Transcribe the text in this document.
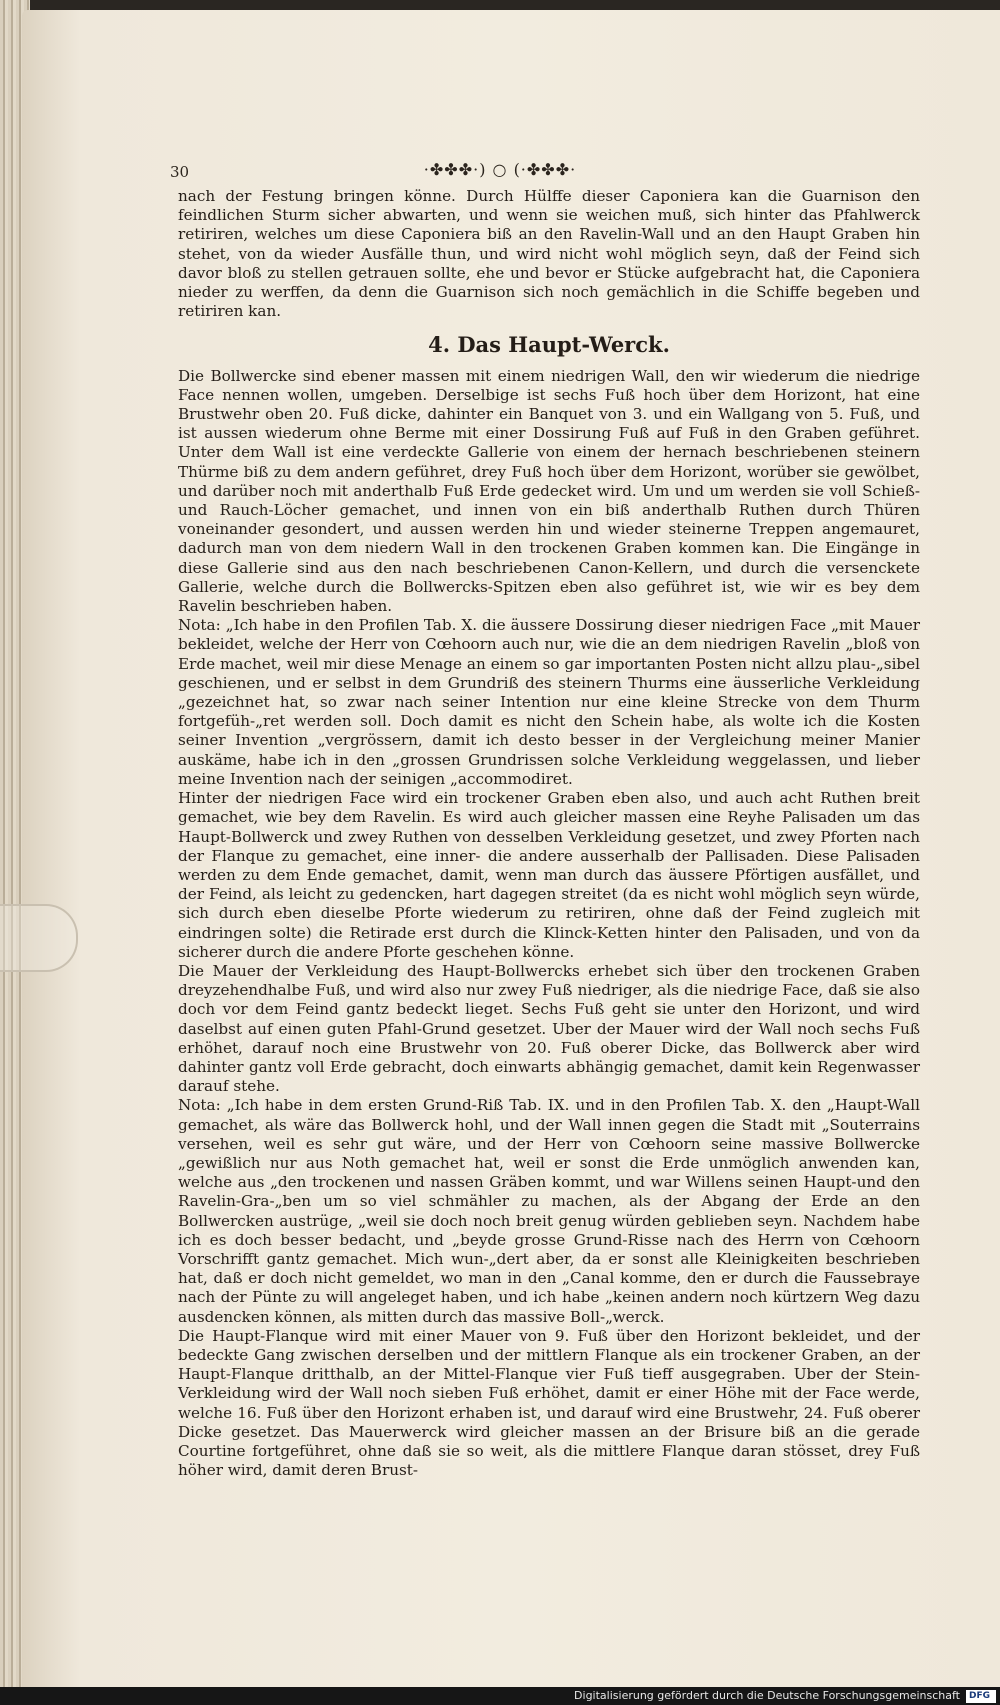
30	·✤✤✤·) ○ (·✤✤✤·

nach der Festung bringen könne. Durch Hülffe dieser Caponiera kan die Guarnison den feindlichen Sturm sicher abwarten, und wenn sie weichen muß, sich hinter das Pfahlwerck retiriren, welches um diese Caponiera biß an den Ravelin-Wall und an den Haupt Graben hin stehet, von da wieder Ausfälle thun, und wird nicht wohl möglich seyn, daß der Feind sich davor bloß zu stellen getrauen sollte, ehe und bevor er Stücke aufgebracht hat, die Caponiera nieder zu werffen, da denn die Guarnison sich noch gemächlich in die Schiffe begeben und retiriren kan.

4. Das Haupt-Werck.

Die Bollwercke sind ebener massen mit einem niedrigen Wall, den wir wiederum die niedrige Face nennen wollen, umgeben. Derselbige ist sechs Fuß hoch über dem Horizont, hat eine Brustwehr oben 20. Fuß dicke, dahinter ein Banquet von 3. und ein Wallgang von 5. Fuß, und ist aussen wiederum ohne Berme mit einer Dossirung Fuß auf Fuß in den Graben geführet. Unter dem Wall ist eine verdeckte Gallerie von einem der hernach beschriebenen steinern Thürme biß zu dem andern geführet, drey Fuß hoch über dem Horizont, worüber sie gewölbet, und darüber noch mit anderthalb Fuß Erde gedecket wird. Um und um werden sie voll Schieß-und Rauch-Löcher gemachet, und innen von ein biß anderthalb Ruthen durch Thüren voneinander gesondert, und aussen werden hin und wieder steinerne Treppen angemauret, dadurch man von dem niedern Wall in den trockenen Graben kommen kan. Die Eingänge in diese Gallerie sind aus den nach beschriebenen Canon-Kellern, und durch die versenckete Gallerie, welche durch die Bollwercks-Spitzen eben also geführet ist, wie wir es bey dem Ravelin beschrieben haben.

Nota: „Ich habe in den Profilen Tab. X. die äussere Dossirung dieser niedrigen Face „mit Mauer bekleidet, welche der Herr von Cœhoorn auch nur, wie die an dem niedrigen Ravelin „bloß von Erde machet, weil mir diese Menage an einem so gar importanten Posten nicht allzu plau-„sibel geschienen, und er selbst in dem Grundriß des steinern Thurms eine äusserliche Verkleidung „gezeichnet hat, so zwar nach seiner Intention nur eine kleine Strecke von dem Thurm fortgefüh-„ret werden soll. Doch damit es nicht den Schein habe, als wolte ich die Kosten seiner Invention „vergrössern, damit ich desto besser in der Vergleichung meiner Manier auskäme, habe ich in den „grossen Grundrissen solche Verkleidung weggelassen, und lieber meine Invention nach der seinigen „accommodiret.

Hinter der niedrigen Face wird ein trockener Graben eben also, und auch acht Ruthen breit gemachet, wie bey dem Ravelin. Es wird auch gleicher massen eine Reyhe Palisaden um das Haupt-Bollwerck und zwey Ruthen von desselben Verkleidung gesetzet, und zwey Pforten nach der Flanque zu gemachet, eine inner- die andere ausserhalb der Pallisaden. Diese Palisaden werden zu dem Ende gemachet, damit, wenn man durch das äussere Pförtigen ausfället, und der Feind, als leicht zu gedencken, hart dagegen streitet (da es nicht wohl möglich seyn würde, sich durch eben dieselbe Pforte wiederum zu retiriren, ohne daß der Feind zugleich mit eindringen solte) die Retirade erst durch die Klinck-Ketten hinter den Palisaden, und von da sicherer durch die andere Pforte geschehen könne.

Die Mauer der Verkleidung des Haupt-Bollwercks erhebet sich über den trockenen Graben dreyzehendhalbe Fuß, und wird also nur zwey Fuß niedriger, als die niedrige Face, daß sie also doch vor dem Feind gantz bedeckt lieget. Sechs Fuß geht sie unter den Horizont, und wird daselbst auf einen guten Pfahl-Grund gesetzet. Uber der Mauer wird der Wall noch sechs Fuß erhöhet, darauf noch eine Brustwehr von 20. Fuß oberer Dicke, das Bollwerck aber wird dahinter gantz voll Erde gebracht, doch einwarts abhängig gemachet, damit kein Regenwasser darauf stehe.

Nota: „Ich habe in dem ersten Grund-Riß Tab. IX. und in den Profilen Tab. X. den „Haupt-Wall gemachet, als wäre das Bollwerck hohl, und der Wall innen gegen die Stadt mit „Souterrains versehen, weil es sehr gut wäre, und der Herr von Cœhoorn seine massive Bollwercke „gewißlich nur aus Noth gemachet hat, weil er sonst die Erde unmöglich anwenden kan, welche aus „den trockenen und nassen Gräben kommt, und war Willens seinen Haupt-und den Ravelin-Gra-„ben um so viel schmähler zu machen, als der Abgang der Erde an den Bollwercken austrüge, „weil sie doch noch breit genug würden geblieben seyn. Nachdem habe ich es doch besser bedacht, und „beyde grosse Grund-Risse nach des Herrn von Cœhoorn Vorschrifft gantz gemachet. Mich wun-„dert aber, da er sonst alle Kleinigkeiten beschrieben hat, daß er doch nicht gemeldet, wo man in den „Canal komme, den er durch die Faussebraye nach der Pünte zu will angeleget haben, und ich habe „keinen andern noch kürtzern Weg dazu ausdencken können, als mitten durch das massive Boll-„werck.

Die Haupt-Flanque wird mit einer Mauer von 9. Fuß über den Horizont bekleidet, und der bedeckte Gang zwischen derselben und der mittlern Flanque als ein trockener Graben, an der Haupt-Flanque dritthalb, an der Mittel-Flanque vier Fuß tieff ausgegraben. Uber der Stein-Verkleidung wird der Wall noch sieben Fuß erhöhet, damit er einer Höhe mit der Face werde, welche 16. Fuß über den Horizont erhaben ist, und darauf wird eine Brustwehr, 24. Fuß oberer Dicke gesetzet. Das Mauerwerck wird gleicher massen an der Brisure biß an die gerade Courtine fortgeführet, ohne daß sie so weit, als die mittlere Flanque daran stösset, drey Fuß höher wird, damit deren Brust-

Digitalisierung gefördert durch die Deutsche Forschungsgemeinschaft DFG
